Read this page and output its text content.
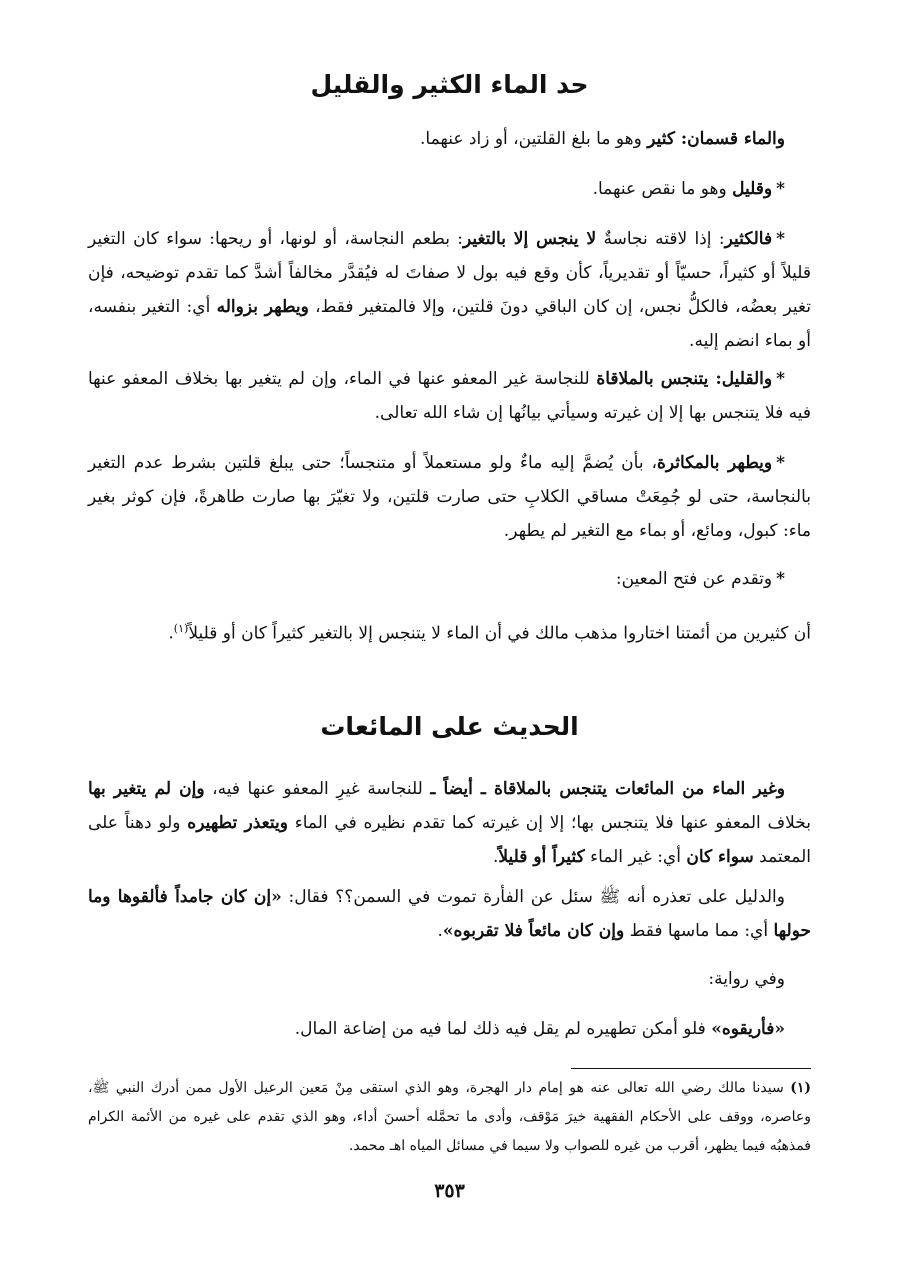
حد الماء الكثير والقليل
والماء قسمان: كثير وهو ما بلغ القلتين، أو زاد عنهما.
*وقليل وهو ما نقص عنهما.
*فالكثير: إذا لاقته نجاسةٌ لا ينجس إلا بالتغير: بطعم النجاسة، أو لونها، أو ريحها: سواء كان التغير قليلاً أو كثيراً، حسيّاً أو تقديرياً، كأن وقع فيه بول لا صفاتَ له فيُقدَّر مخالفاً أشدَّ كما تقدم توضيحه، فإن تغير بعضُه، فالكلُّ نجس، إن كان الباقي دونَ قلتين، وإلا فالمتغير فقط، ويطهر بزواله أي: التغير بنفسه، أو بماء انضم إليه.
*والقليل: يتنجس بالملاقاة للنجاسة غير المعفو عنها في الماء، وإن لم يتغير بها بخلاف المعفو عنها فيه فلا يتنجس بها إلا إن غيرته وسيأتي بيانُها إن شاء الله تعالى.
*ويطهر بالمكاثرة، بأن يُضمَّ إليه ماءٌ ولو مستعملاً أو متنجساً؛ حتى يبلغ قلتين بشرط عدم التغير بالنجاسة، حتى لو جُمِعَتْ مساقي الكلابِ حتى صارت قلتين، ولا تغيّرَ بها صارت طاهرةً، فإن كوثر بغير ماء: كبول، ومائع، أو بماء مع التغير لم يطهر.
*وتقدم عن فتح المعين:
أن كثيرين من أئمتنا اختاروا مذهب مالك في أن الماء لا يتنجس إلا بالتغير كثيراً كان أو قليلاً$^{(١)}$.
الحديث على المائعات
وغير الماء من المائعات يتنجس بالملاقاة ـ أيضاً ـ للنجاسة غيرِ المعفو عنها فيه، وإن لم يتغير بها بخلاف المعفو عنها فلا يتنجس بها؛ إلا إن غيرته كما تقدم نظيره في الماء ويتعذر تطهيره ولو دهناً على المعتمد سواء كان أي: غير الماء كثيراً أو قليلاً.
والدليل على تعذره أنه ﷺ سئل عن الفأرة تموت في السمن؟؟ فقال: «إن كان جامداً فألقوها وما حولها أي: مما ماسها فقط وإن كان مائعاً فلا تقربوه».
وفي رواية:
«فأريقوه» فلو أمكن تطهيره لم يقل فيه ذلك لما فيه من إضاعة المال.
(١) سيدنا مالك رضي الله تعالى عنه هو إمام دار الهجرة، وهو الذي استقى مِنْ مَعين الرعيل الأول ممن أدرك النبي ﷺ، وعاصره، ووقف على الأحكام الفقهية خيرَ مَوْقف، وأدى ما تحمَّله أحسنَ أداء، وهو الذي تقدم على غيره من الأئمة الكرام فمذهبُه فيما يظهر، أقرب من غيره للصواب ولا سيما في مسائل المياه اهـ محمد.
٣٥٣
